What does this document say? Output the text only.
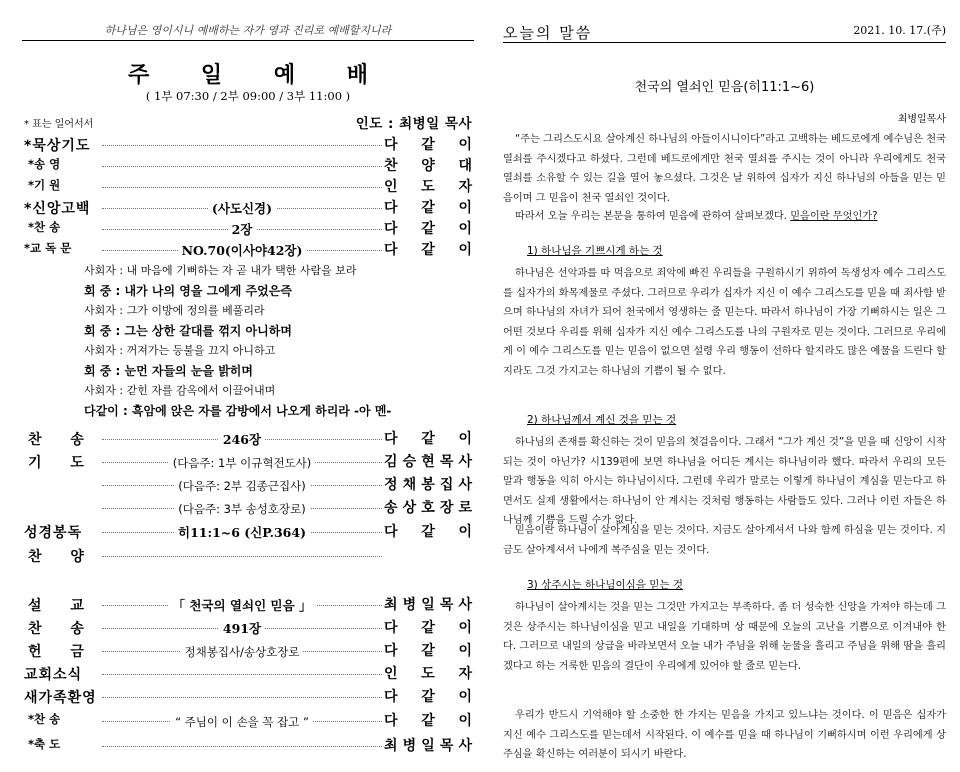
하나님은 영이시니 예배하는 자가 영과 진리로 예배할지니라
주 일 예 배
( 1부 07:30 / 2부 09:00 / 3부 11:00 )
* 표는 일어서서	인도 : 최병일 목사
*묵상기도	다 같 이
*송 영	찬 양 대
*기 원	인 도 자
*신앙고백	(사도신경)	다 같 이
*찬 송	2장	다 같 이
*교 독 문	NO.70(이사야42장)	다 같 이
사회자 : 내 마음에 기뻐하는 자 곧 내가 택한 사람을 보라
회 중 : 내가 나의 영을 그에게 주었은즉
사회자 : 그가 이방에 정의를 베풀리라
회 중 : 그는 상한 갈대를 꺾지 아니하며
사회자 : 꺼져가는 등불을 끄지 아니하고
회 중 : 눈먼 자들의 눈을 밝히며
사회자 : 갇힌 자를 감옥에서 이끌어내며
다같이 : 흑암에 앉은 자를 감방에서 나오게 하리라 -아 멘-
찬 송	246장	다 같 이
기 도	(다음주: 1부 이규혁전도사)	김 승 현 목 사
(다음주: 2부 김종근집사)	정 채 봉 집 사
(다음주: 3부 송성호장로)	송 상 호 장 로
성경봉독	히11:1~6 (신P.364)	다 같 이
찬 양
설 교	「 천국의 열쇠인 믿음 」	최 병 일 목 사
찬 송	491장	다 같 이
헌 금	정채봉집사/송상호장로	다 같 이
교회소식	인 도 자
새가족환영	다 같 이
*찬 송	“ 주님이 이 손을 꼭 잡고 ”	다 같 이
*축 도	최 병 일 목 사
오늘의 말씀	2021. 10. 17.(주)
천국의 열쇠인 믿음(히11:1~6)
최병일목사
“주는 그리스도시요 살아계신 하나님의 아들이시니이다”라고 고백하는 베드로에게 예수님은 천국 열쇠를 주시겠다고 하셨다. 그런데 베드로에게만 천국 열쇠를 주시는 것이 아니라 우리에게도 천국 열쇠를 소유할 수 있는 길을 열어 놓으셨다. 그것은 날 위하여 십자가 지신 하나님의 아들을 믿는 믿음이며 그 믿음이 천국 열쇠인 것이다.
따라서 오늘 우리는 본문을 통하여 믿음에 관하여 살펴보겠다. 믿음이란 무엇인가?
1) 하나님을 기쁘시게 하는 것
하나님은 선악과를 따 먹음으로 죄악에 빠진 우리들을 구원하시기 위하여 독생성자 예수 그리스도를 십자가의 화목제물로 주셨다. 그러므로 우리가 십자가 지신 이 예수 그리스도를 믿을 때 죄사함 받으며 하나님의 자녀가 되어 천국에서 영생하는 줄 믿는다. 따라서 하나님이 가장 기뻐하시는 일은 그 어떤 것보다 우리를 위해 십자가 지신 예수 그리스도를 나의 구원자로 믿는 것이다. 그러므로 우리에게 이 예수 그리스도를 믿는 믿음이 없으면 설령 우리 행동이 선하다 할지라도 많은 예물을 드린다 할지라도 그것 가지고는 하나님의 기쁨이 될 수 없다.
2) 하나님께서 계신 것을 믿는 것
하나님의 존재를 확신하는 것이 믿음의 첫걸음이다. 그래서 “그가 계신 것”을 믿을 때 신앙이 시작되는 것이 아닌가? 시139편에 보면 하나님을 어디든 계시는 하나님이라 했다. 따라서 우리의 모든 말과 행동을 익히 아시는 하나님이시다. 그런데 우리가 말로는 이렇게 하나님이 계심을 믿는다고 하면서도 실제 생활에서는 하나님이 안 계시는 것처럼 행동하는 사람들도 있다. 그러나 이런 자들은 하나님께 기쁨을 드릴 수가 없다.
믿음이란 하나님이 살아계심을 믿는 것이다. 지금도 살아계셔서 나와 함께 하심을 믿는 것이다. 지금도 살아계셔서 나에게 복주심을 믿는 것이다.
3) 상주시는 하나님이심을 믿는 것
하나님이 살아계시는 것을 믿는 그것만 가지고는 부족하다. 좀 더 성숙한 신앙을 가져야 하는데 그것은 상주시는 하나님이심을 믿고 내일을 기대하며 상 때문에 오늘의 고난을 기쁨으로 이겨내야 한다. 그러므로 내일의 상급을 바라보면서 오늘 내가 주님을 위해 눈물을 흘리고 주님을 위해 땀을 흘리겠다고 하는 거룩한 믿음의 결단이 우리에게 있어야 할 줄로 믿는다.
우리가 반드시 기억해야 할 소중한 한 가지는 믿음을 가지고 있느냐는 것이다. 이 믿음은 십자가 지신 예수 그리스도를 믿는데서 시작된다. 이 예수를 믿을 때 하나님이 기뻐하시며 이런 우리에게 상주심을 확신하는 여러분이 되시기 바란다.
